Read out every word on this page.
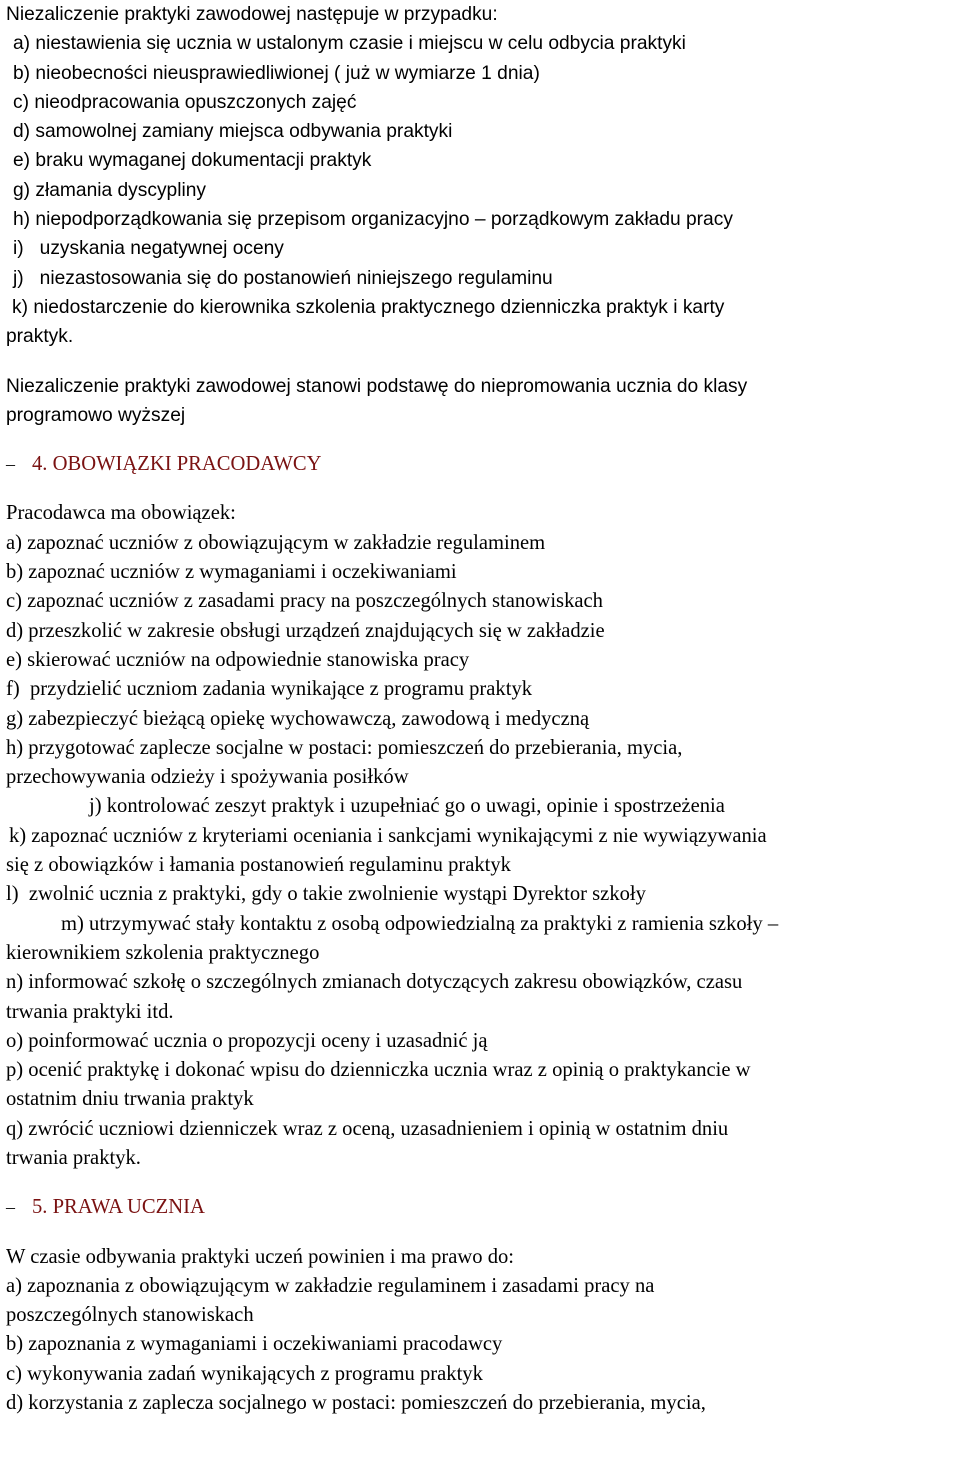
Niezaliczenie praktyki zawodowej następuje w przypadku:
a) niestawienia się ucznia w ustalonym czasie i miejscu w celu odbycia praktyki
b) nieobecności nieusprawiedliwionej ( już w wymiarze 1 dnia)
c) nieodpracowania opuszczonych zajęć
d) samowolnej zamiany miejsca odbywania praktyki
e) braku wymaganej dokumentacji praktyk
g) złamania dyscypliny
h) niepodporządkowania się przepisom organizacyjno – porządkowym zakładu pracy
i)   uzyskania negatywnej oceny
j)   niezastosowania się do postanowień niniejszego regulaminu
k) niedostarczenie do kierownika szkolenia praktycznego dzienniczka praktyk i karty
praktyk.
Niezaliczenie praktyki zawodowej stanowi podstawę do niepromowania ucznia do klasy
programowo wyższej
– 4. OBOWIĄZKI PRACODAWCY
Pracodawca ma obowiązek:
a) zapoznać uczniów z obowiązującym w zakładzie regulaminem
b) zapoznać uczniów z wymaganiami i oczekiwaniami
c) zapoznać uczniów z zasadami pracy na poszczególnych stanowiskach
d) przeszkolić w zakresie obsługi urządzeń znajdujących się w zakładzie
e) skierować uczniów na odpowiednie stanowiska pracy
f)  przydzielić uczniom zadania wynikające z programu praktyk
g) zabezpieczyć bieżącą opiekę wychowawczą, zawodową i medyczną
h) przygotować zaplecze socjalne w postaci: pomieszczeń do przebierania, mycia,
przechowywania odzieży i spożywania posiłków
j) kontrolować zeszyt praktyk i uzupełniać go o uwagi, opinie i spostrzeżenia
k) zapoznać uczniów z kryteriami oceniania i sankcjami wynikającymi z nie wywiązywania
się z obowiązków i łamania postanowień regulaminu praktyk
l)  zwolnić ucznia z praktyki, gdy o takie zwolnienie wystąpi Dyrektor szkoły
m) utrzymywać stały kontaktu z osobą odpowiedzialną za praktyki z ramienia szkoły –
kierownikiem szkolenia praktycznego
n) informować szkołę o szczególnych zmianach dotyczących zakresu obowiązków, czasu
trwania praktyki itd.
o) poinformować ucznia o propozycji oceny i uzasadnić ją
p) ocenić praktykę i dokonać wpisu do dzienniczka ucznia wraz z opinią o praktykancie w
ostatnim dniu trwania praktyk
q) zwrócić uczniowi dzienniczek wraz z oceną, uzasadnieniem i opinią w ostatnim dniu
trwania praktyk.
– 5. PRAWA UCZNIA
W czasie odbywania praktyki uczeń powinien i ma prawo do:
a) zapoznania z obowiązującym w zakładzie regulaminem i zasadami pracy na
poszczególnych stanowiskach
b) zapoznania z wymaganiami i oczekiwaniami pracodawcy
c) wykonywania zadań wynikających z programu praktyk
d) korzystania z zaplecza socjalnego w postaci: pomieszczeń do przebierania, mycia,
